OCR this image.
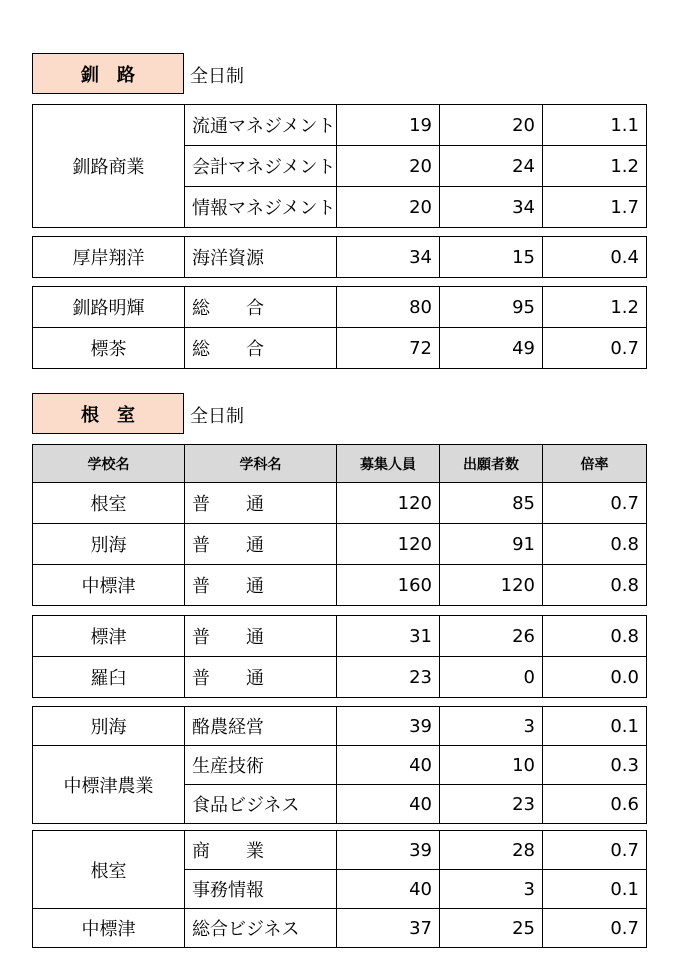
釧　路	全日制
釧路商業	流通マネジメント	19	20	1.1
	会計マネジメント	20	24	1.2
	情報マネジメント	20	34	1.7
厚岸翔洋	海洋資源	34	15	0.4
釧路明輝	総　　合	80	95	1.2
標茶	総　　合	72	49	0.7
根　室	全日制
学校名	学科名	募集人員	出願者数	倍率
根室	普　　通	120	85	0.7
別海	普　　通	120	91	0.8
中標津	普　　通	160	120	0.8
標津	普　　通	31	26	0.8
羅臼	普　　通	23	0	0.0
別海	酪農経営	39	3	0.1
中標津農業	生産技術	40	10	0.3
	食品ビジネス	40	23	0.6
根室	商　　業	39	28	0.7
	事務情報	40	3	0.1
中標津	総合ビジネス	37	25	0.7
